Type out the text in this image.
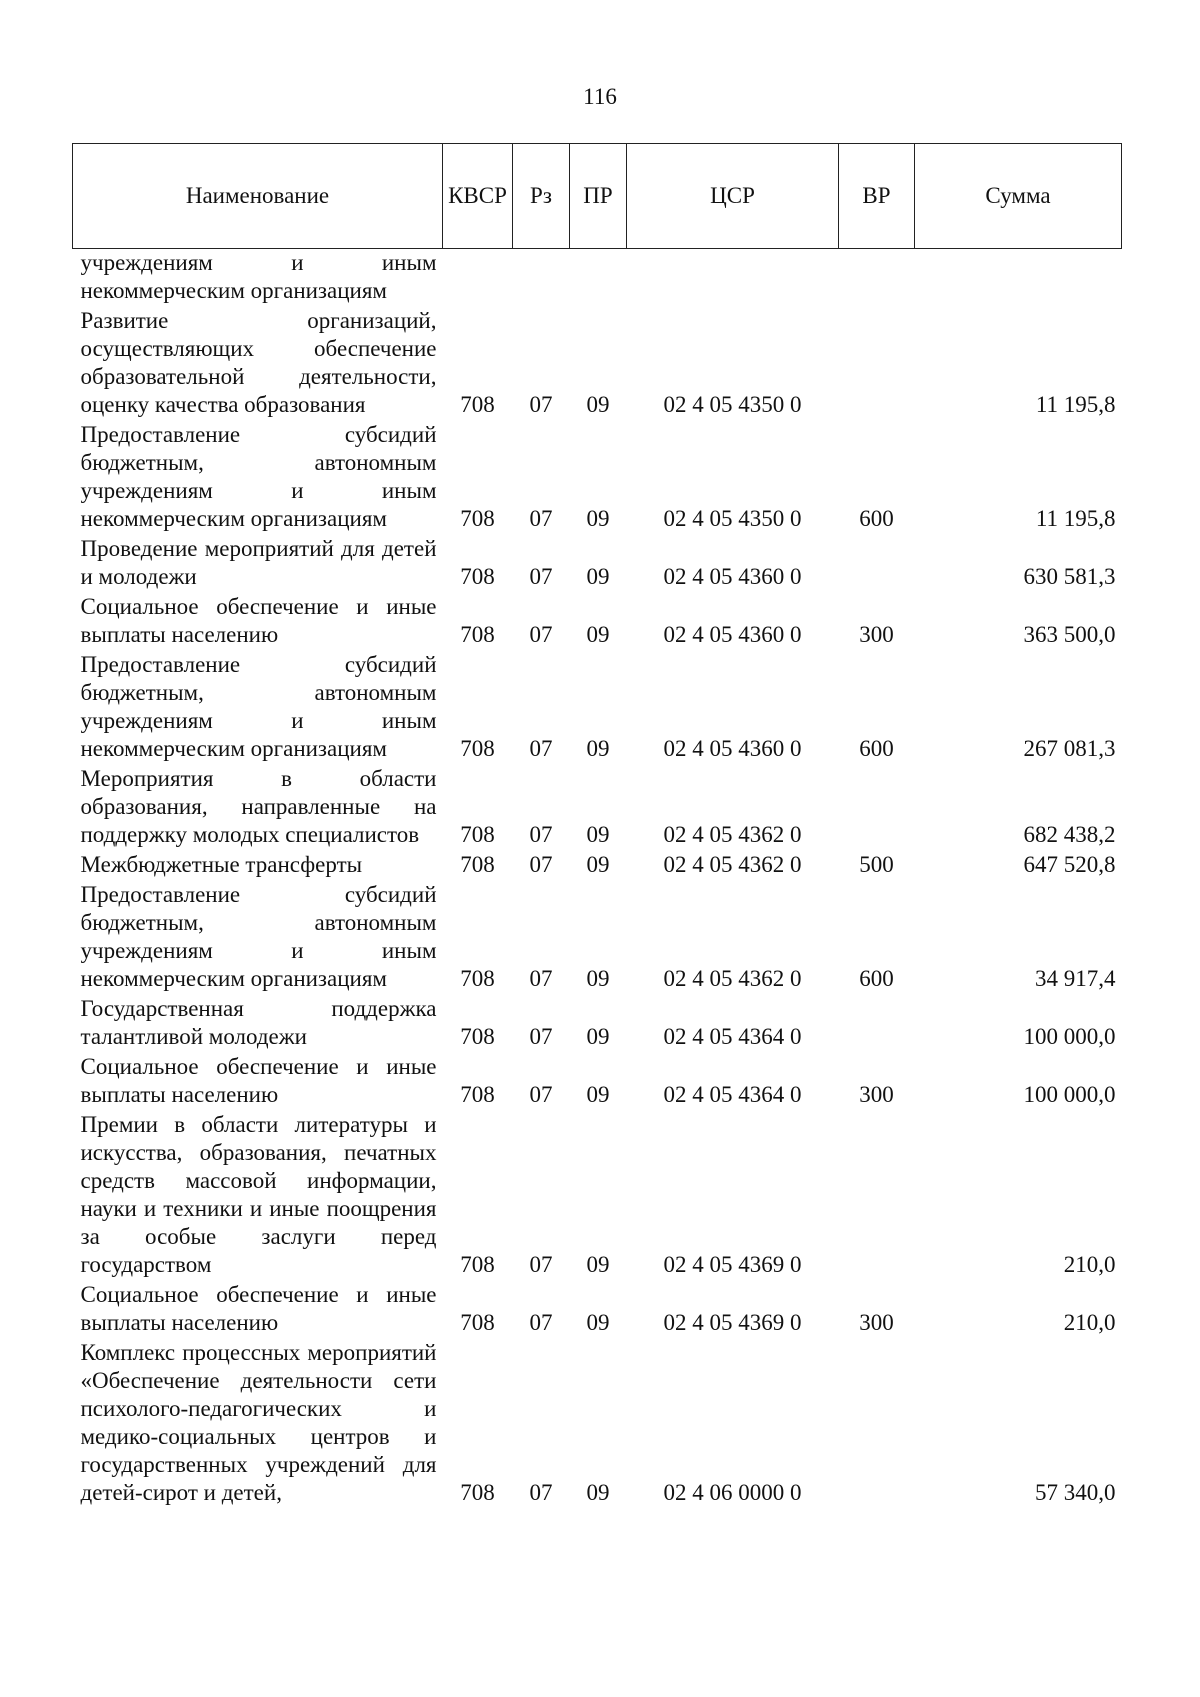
116
Наименование	КВСР	Рз	ПР	ЦСР	ВР	Сумма
учреждениям и иным некоммерческим организациям						
Развитие организаций, осуществляющих обеспечение образовательной деятельности, оценку качества образования	708	07	09	02 4 05 4350 0		11 195,8
Предоставление субсидий бюджетным, автономным учреждениям и иным некоммерческим организациям	708	07	09	02 4 05 4350 0	600	11 195,8
Проведение мероприятий для детей и молодежи	708	07	09	02 4 05 4360 0		630 581,3
Социальное обеспечение и иные выплаты населению	708	07	09	02 4 05 4360 0	300	363 500,0
Предоставление субсидий бюджетным, автономным учреждениям и иным некоммерческим организациям	708	07	09	02 4 05 4360 0	600	267 081,3
Мероприятия в области образования, направленные на поддержку молодых специалистов	708	07	09	02 4 05 4362 0		682 438,2
Межбюджетные трансферты	708	07	09	02 4 05 4362 0	500	647 520,8
Предоставление субсидий бюджетным, автономным учреждениям и иным некоммерческим организациям	708	07	09	02 4 05 4362 0	600	34 917,4
Государственная поддержка талантливой молодежи	708	07	09	02 4 05 4364 0		100 000,0
Социальное обеспечение и иные выплаты населению	708	07	09	02 4 05 4364 0	300	100 000,0
Премии в области литературы и искусства, образования, печатных средств массовой информации, науки и техники и иные поощрения за особые заслуги перед государством	708	07	09	02 4 05 4369 0		210,0
Социальное обеспечение и иные выплаты населению	708	07	09	02 4 05 4369 0	300	210,0
Комплекс процессных мероприятий «Обеспечение деятельности сети психолого-педагогических и медико-социальных центров и государственных учреждений для детей-сирот и детей,	708	07	09	02 4 06 0000 0		57 340,0
